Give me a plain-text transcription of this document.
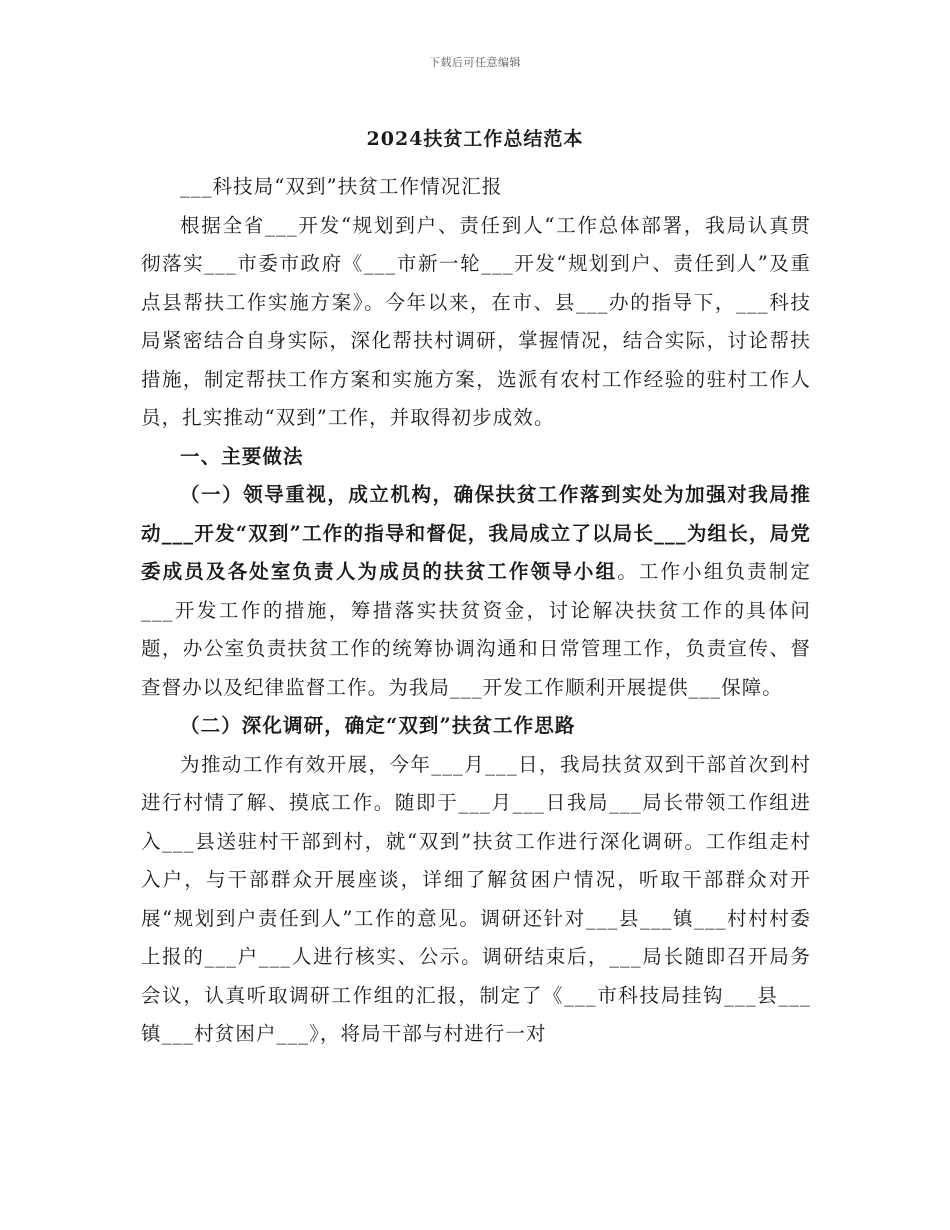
下载后可任意编辑
2024扶贫工作总结范本

___科技局“双到”扶贫工作情况汇报

根据全省___开发“规划到户、责任到人“工作总体部署，我局认真贯彻落实___市委市政府《___市新一轮___开发“规划到户、责任到人”及重点县帮扶工作实施方案》。今年以来，在市、县___办的指导下，___科技局紧密结合自身实际，深化帮扶村调研，掌握情况，结合实际，讨论帮扶措施，制定帮扶工作方案和实施方案，选派有农村工作经验的驻村工作人员，扎实推动“双到”工作，并取得初步成效。

一、主要做法

（一）领导重视，成立机构，确保扶贫工作落到实处为加强对我局推动___开发“双到”工作的指导和督促，我局成立了以局长___为组长，局党委成员及各处室负责人为成员的扶贫工作领导小组。工作小组负责制定___开发工作的措施，筹措落实扶贫资金，讨论解决扶贫工作的具体问题，办公室负责扶贫工作的统筹协调沟通和日常管理工作，负责宣传、督查督办以及纪律监督工作。为我局___开发工作顺利开展提供___保障。

（二）深化调研，确定“双到”扶贫工作思路

为推动工作有效开展，今年___月___日，我局扶贫双到干部首次到村进行村情了解、摸底工作。随即于___月___日我局___局长带领工作组进入___县送驻村干部到村，就“双到”扶贫工作进行深化调研。工作组走村入户，与干部群众开展座谈，详细了解贫困户情况，听取干部群众对开展“规划到户责任到人”工作的意见。调研还针对___县___镇___村村村委上报的___户___人进行核实、公示。调研结束后，___局长随即召开局务会议，认真听取调研工作组的汇报，制定了《___市科技局挂钩___县___镇___村贫困户___》，将局干部与村进行一对
